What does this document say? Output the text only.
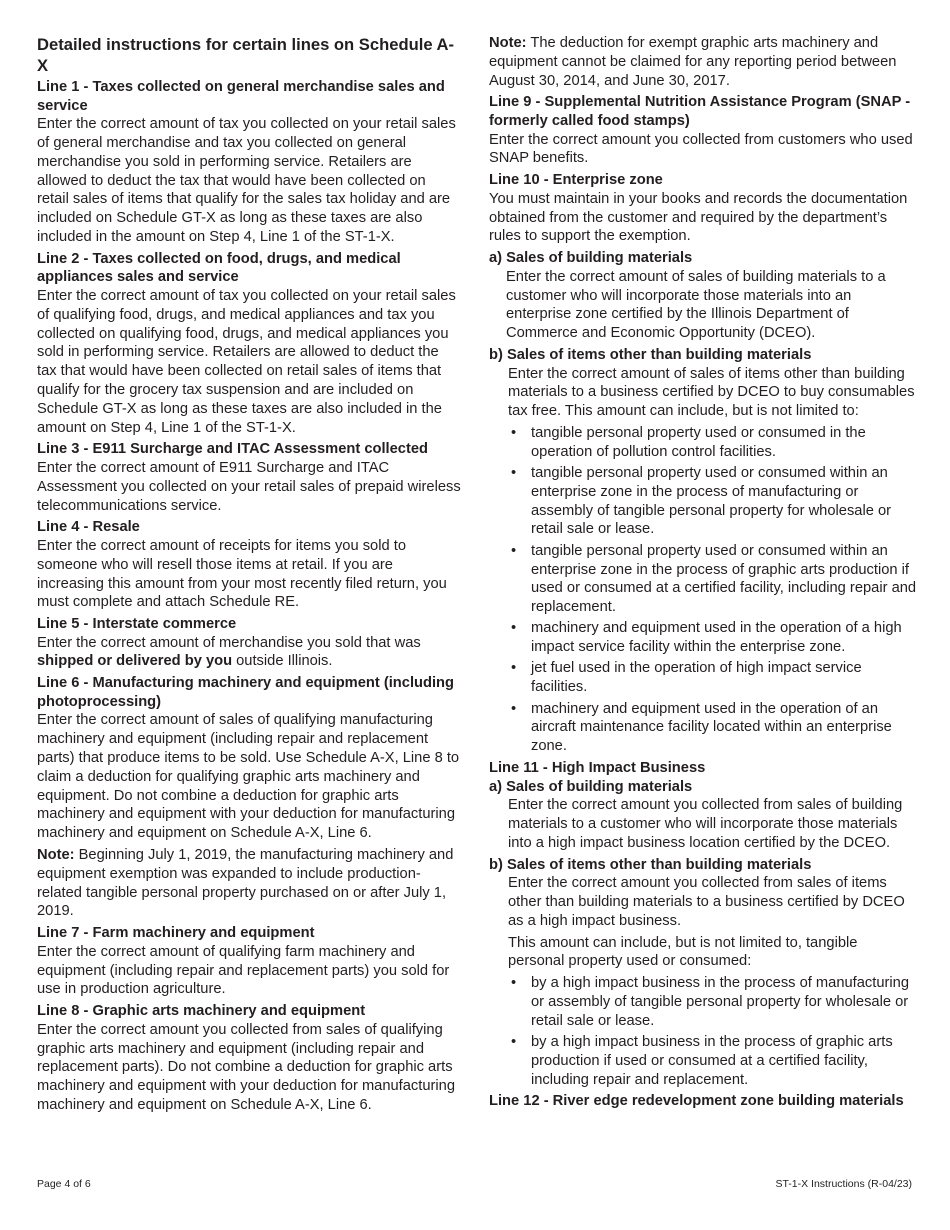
Detailed instructions for certain lines on Schedule A-X
Line 1 - Taxes collected on general merchandise sales and service
Enter the correct amount of tax you collected on your retail sales of general merchandise and tax you collected on general merchandise you sold in performing service. Retailers are allowed to deduct the tax that would have been collected on retail sales of items that qualify for the sales tax holiday and are included on Schedule GT-X as long as these taxes are also included in the amount on Step 4, Line 1 of the ST-1-X.
Line 2 - Taxes collected on food, drugs, and medical appliances sales and service
Enter the correct amount of tax you collected on your retail sales of qualifying food, drugs, and medical appliances and tax you collected on qualifying food, drugs, and medical appliances you sold in performing service. Retailers are allowed to deduct the tax that would have been collected on retail sales of items that qualify for the grocery tax suspension and are included on Schedule GT-X as long as these taxes are also included in the amount on Step 4, Line 1 of the ST-1-X.
Line 3 - E911 Surcharge and ITAC Assessment collected
Enter the correct amount of E911 Surcharge and ITAC Assessment you collected on your retail sales of prepaid wireless telecommunications service.
Line 4 - Resale
Enter the correct amount of receipts for items you sold to someone who will resell those items at retail. If you are increasing this amount from your most recently filed return, you must complete and attach Schedule RE.
Line 5 - Interstate commerce
Enter the correct amount of merchandise you sold that was shipped or delivered by you outside Illinois.
Line 6 - Manufacturing machinery and equipment (including photoprocessing)
Enter the correct amount of sales of qualifying manufacturing machinery and equipment (including repair and replacement parts) that produce items to be sold. Use Schedule A-X, Line 8 to claim a deduction for qualifying graphic arts machinery and equipment. Do not combine a deduction for graphic arts machinery and equipment with your deduction for manufacturing machinery and equipment on Schedule A-X, Line 6.
Note: Beginning July 1, 2019, the manufacturing machinery and equipment exemption was expanded to include production-related tangible personal property purchased on or after July 1, 2019.
Line 7 - Farm machinery and equipment
Enter the correct amount of qualifying farm machinery and equipment (including repair and replacement parts) you sold for use in production agriculture.
Line 8 - Graphic arts machinery and equipment
Enter the correct amount you collected from sales of qualifying graphic arts machinery and equipment (including repair and replacement parts). Do not combine a deduction for graphic arts machinery and equipment with your deduction for manufacturing machinery and equipment on Schedule A-X, Line 6.
Note: The deduction for exempt graphic arts machinery and equipment cannot be claimed for any reporting period between August 30, 2014, and June 30, 2017.
Line 9 - Supplemental Nutrition Assistance Program (SNAP - formerly called food stamps)
Enter the correct amount you collected from customers who used SNAP benefits.
Line 10 - Enterprise zone
You must maintain in your books and records the documentation obtained from the customer and required by the department’s rules to support the exemption.
a) Sales of building materials
Enter the correct amount of sales of building materials to a customer who will incorporate those materials into an enterprise zone certified by the Illinois Department of Commerce and Economic Opportunity (DCEO).
b) Sales of items other than building materials
Enter the correct amount of sales of items other than building materials to a business certified by DCEO to buy consumables tax free. This amount can include, but is not limited to:
• tangible personal property used or consumed in the operation of pollution control facilities.
• tangible personal property used or consumed within an enterprise zone in the process of manufacturing or assembly of tangible personal property for wholesale or retail sale or lease.
• tangible personal property used or consumed within an enterprise zone in the process of graphic arts production if used or consumed at a certified facility, including repair and replacement.
• machinery and equipment used in the operation of a high impact service facility within the enterprise zone.
• jet fuel used in the operation of high impact service facilities.
• machinery and equipment used in the operation of an aircraft maintenance facility located within an enterprise zone.
Line 11 - High Impact Business
a) Sales of building materials
Enter the correct amount you collected from sales of building materials to a customer who will incorporate those materials into a high impact business location certified by the DCEO.
b) Sales of items other than building materials
Enter the correct amount you collected from sales of items other than building materials to a business certified by DCEO as a high impact business.
This amount can include, but is not limited to, tangible personal property used or consumed:
• by a high impact business in the process of manufacturing or assembly of tangible personal property for wholesale or retail sale or lease.
• by a high impact business in the process of graphic arts production if used or consumed at a certified facility, including repair and replacement.
Line 12 - River edge redevelopment zone building materials
Page 4 of 6	ST-1-X Instructions (R-04/23)
